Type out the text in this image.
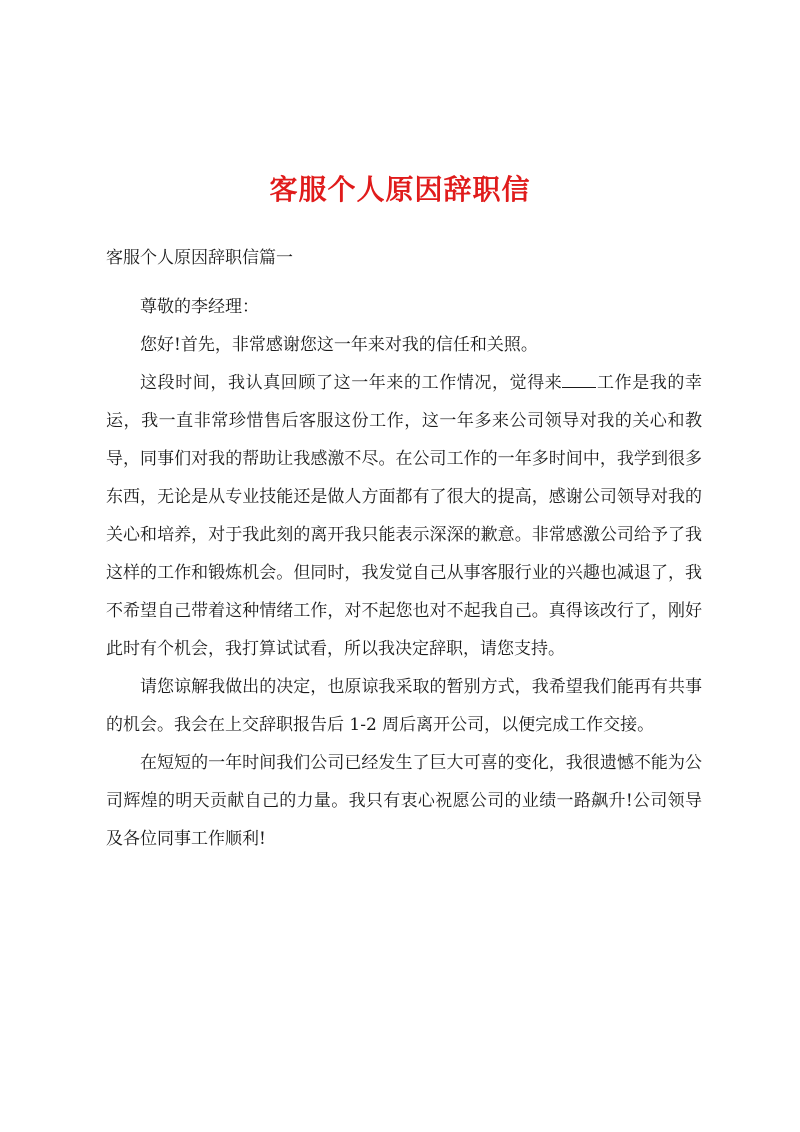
客服个人原因辞职信
客服个人原因辞职信篇一

尊敬的李经理：

您好!首先，非常感谢您这一年来对我的信任和关照。

这段时间，我认真回顾了这一年来的工作情况，觉得来 工作是我的幸运，我一直非常珍惜售后客服这份工作，这一年多来公司领导对我的关心和教导，同事们对我的帮助让我感激不尽。在公司工作的一年多时间中，我学到很多东西，无论是从专业技能还是做人方面都有了很大的提高，感谢公司领导对我的关心和培养，对于我此刻的离开我只能表示深深的歉意。非常感激公司给予了我这样的工作和锻炼机会。但同时，我发觉自己从事客服行业的兴趣也减退了，我不希望自己带着这种情绪工作，对不起您也对不起我自己。真得该改行了，刚好此时有个机会，我打算试试看，所以我决定辞职，请您支持。

请您谅解我做出的决定，也原谅我采取的暂别方式，我希望我们能再有共事的机会。我会在上交辞职报告后 1-2 周后离开公司，以便完成工作交接。

在短短的一年时间我们公司已经发生了巨大可喜的变化，我很遗憾不能为公司辉煌的明天贡献自己的力量。我只有衷心祝愿公司的业绩一路飙升!公司领导及各位同事工作顺利!
